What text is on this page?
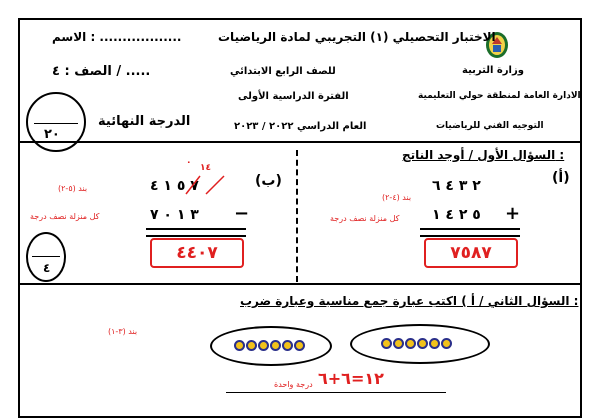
الاختبار التحصيلي (١) التجريبي لمادة الرياضيات
الاسم : ..................
وزارة التربية
للصف الرابع الابتدائي
الصف : ٤ / .....
الادارة العامة لمنطقة حولي التعليمية
الفترة الدراسية الأولى
الدرجة النهائية	التوجيه الفني للرياضيات
العام الدراسي ٢٠٢٢ / ٢٠٢٣
٢٠
السؤال الأول / أوجد الناتج :
(أ)
٢ ٣ ٤ ٦
بند (٤-٢)
كل منزلة نصف درجة ٥ ٢ ٤ ١ +
٧٥٨٧
(ب)
٠ ١٤
٧ ٥ ١ ٤
بند (٥-٢)
كل منزلة نصف درجة	٣ ١ ٠ ٧ −
٤٤٠٧
٤
السؤال الثاني / أ ) اكتب عبارة جمع مناسبة وعبارة ضرب :
بند (٣-١)
١٢=٦+٦
درجة واحدة
